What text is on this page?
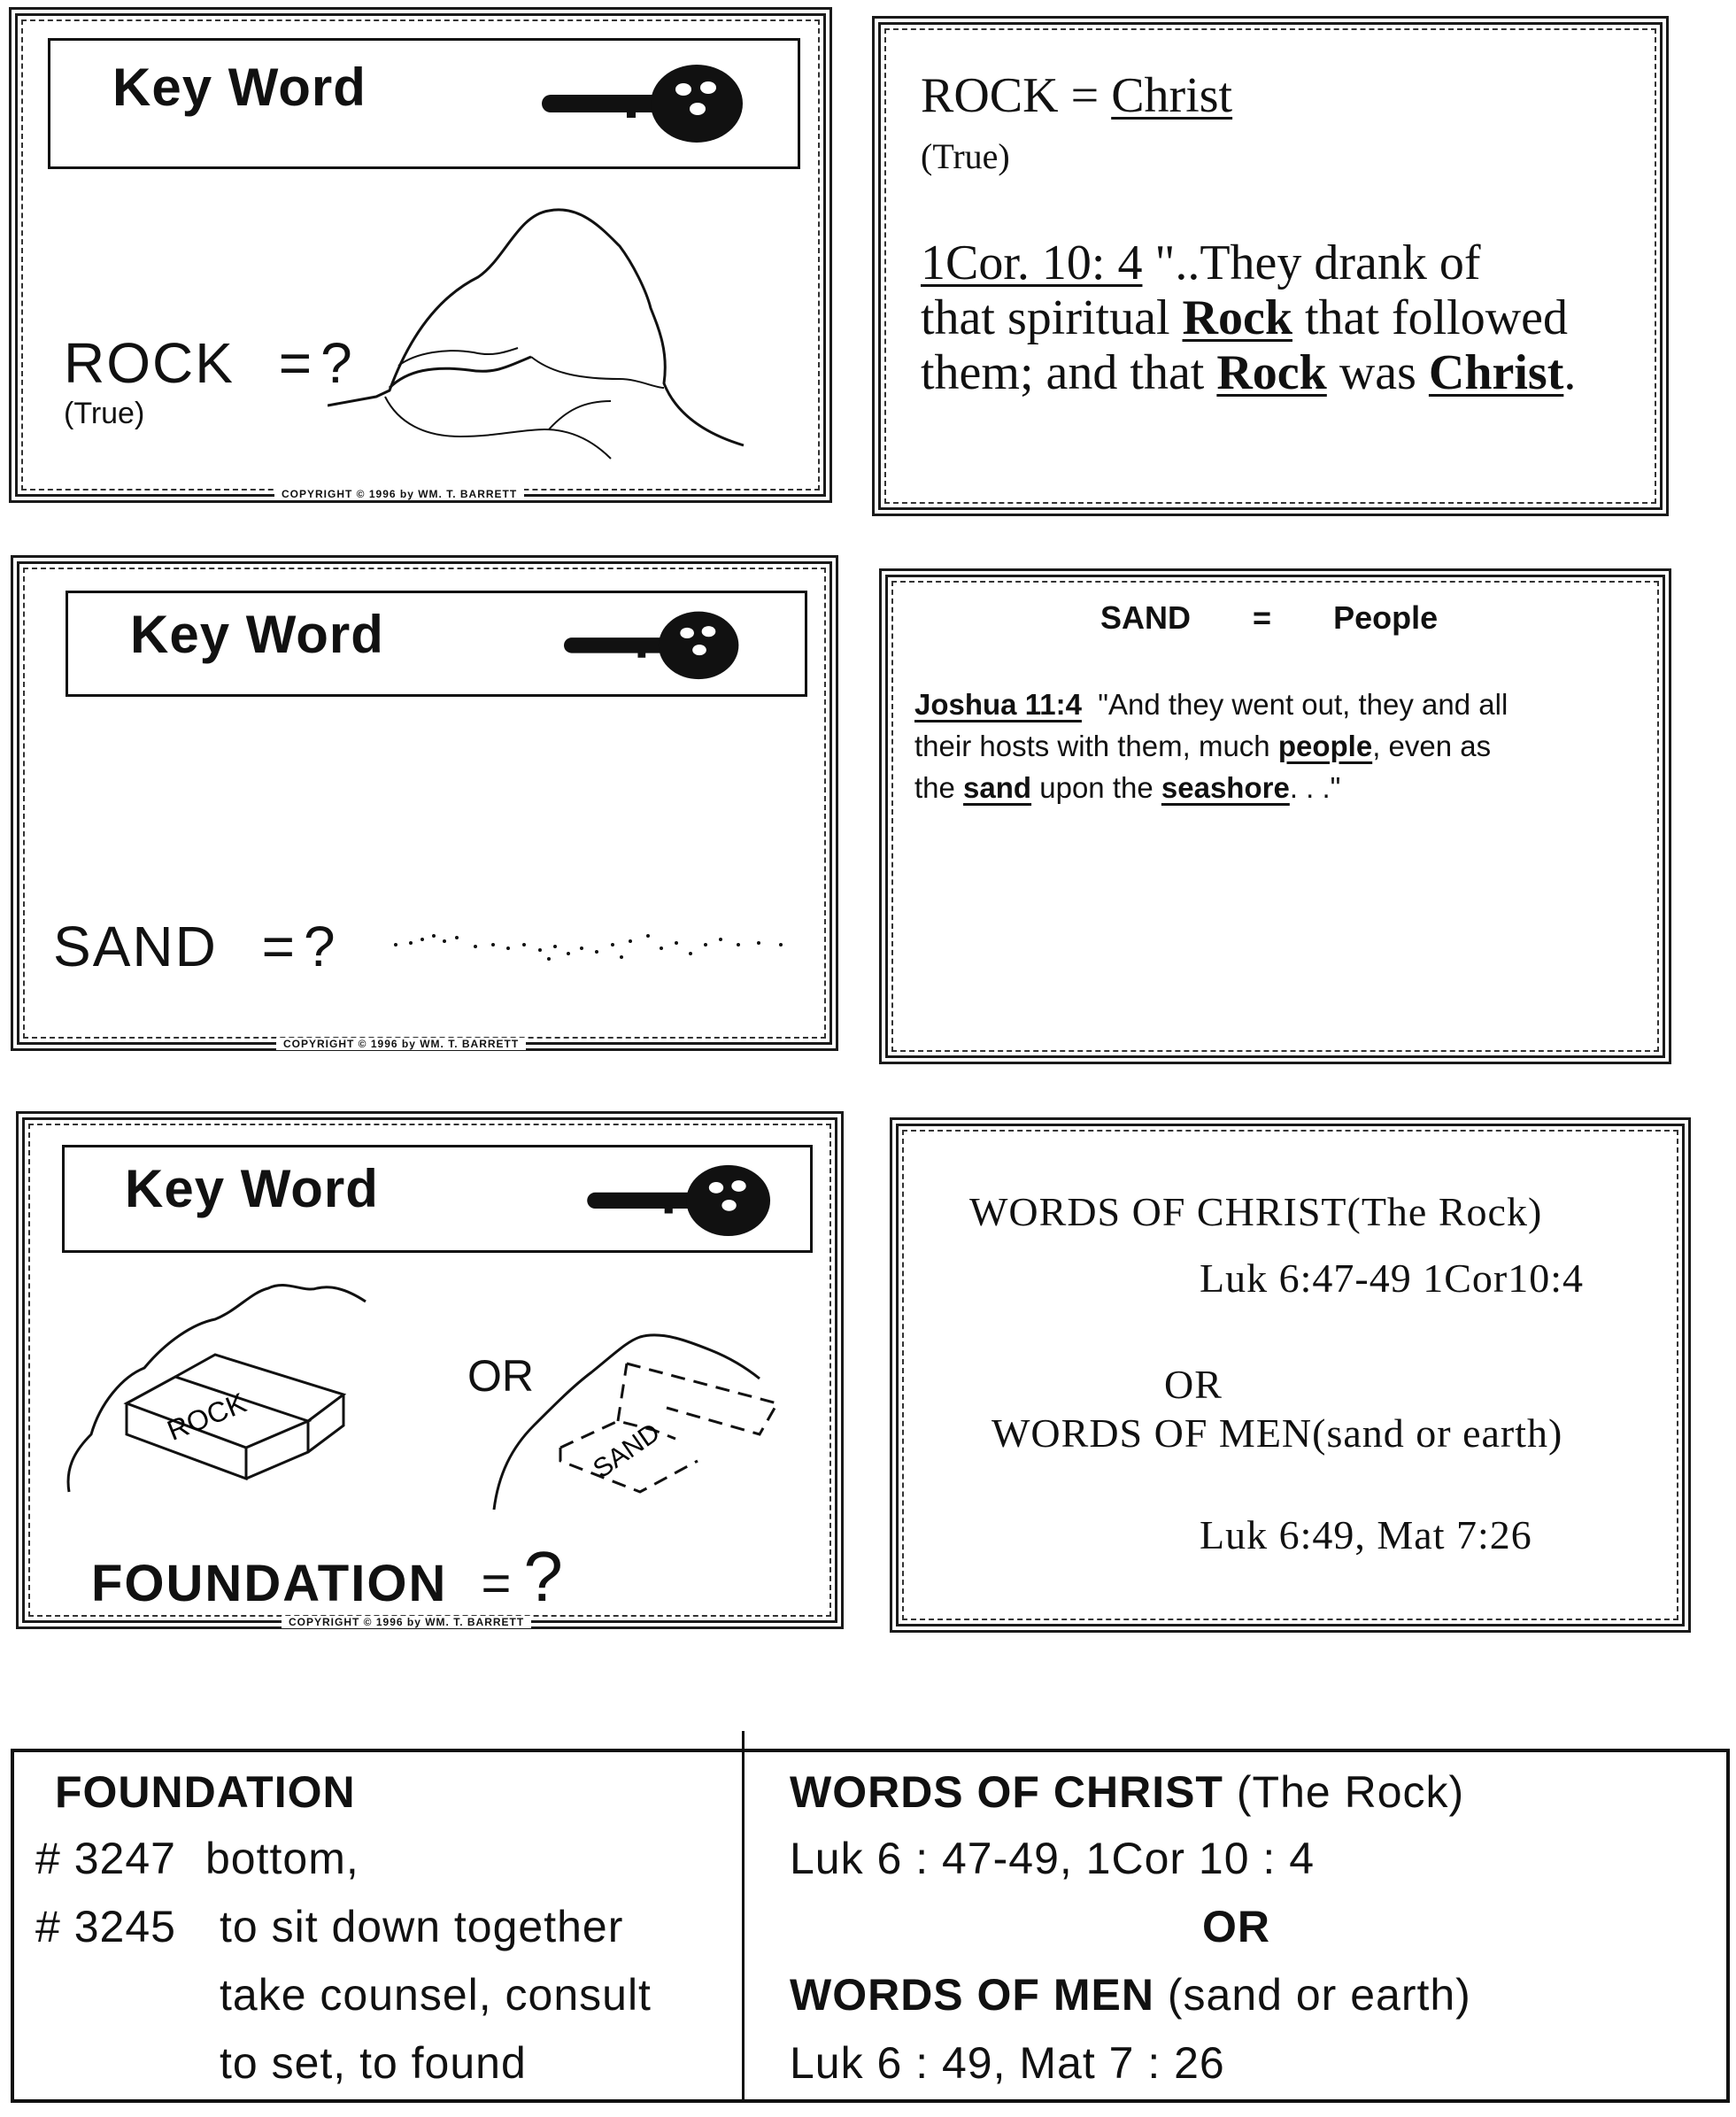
Key Word
ROCK = ?
(True)
COPYRIGHT © 1996 by WM. T. BARRETT
ROCK = Christ
(True)
1Cor. 10: 4 "..They drank of
that spiritual Rock that followed
them; and that Rock was Christ.
Key Word
SAND = ?
COPYRIGHT © 1996 by WM. T. BARRETT
SAND = People
Joshua 11:4 "And they went out, they and all
their hosts with them, much people, even as
the sand upon the seashore. . ."
Key Word
ROCK
OR
SAND
FOUNDATION = ?
COPYRIGHT © 1996 by WM. T. BARRETT
WORDS OF CHRIST(The Rock)
Luk 6:47-49 1Cor10:4
OR
WORDS OF MEN(sand or earth)
Luk 6:49, Mat 7:26
FOUNDATION
# 3247 bottom,
# 3245 to sit down together
take counsel, consult
to set, to found
WORDS OF CHRIST (The Rock)
Luk 6 : 47-49, 1Cor 10 : 4
OR
WORDS OF MEN (sand or earth)
Luk 6 : 49, Mat 7 : 26
